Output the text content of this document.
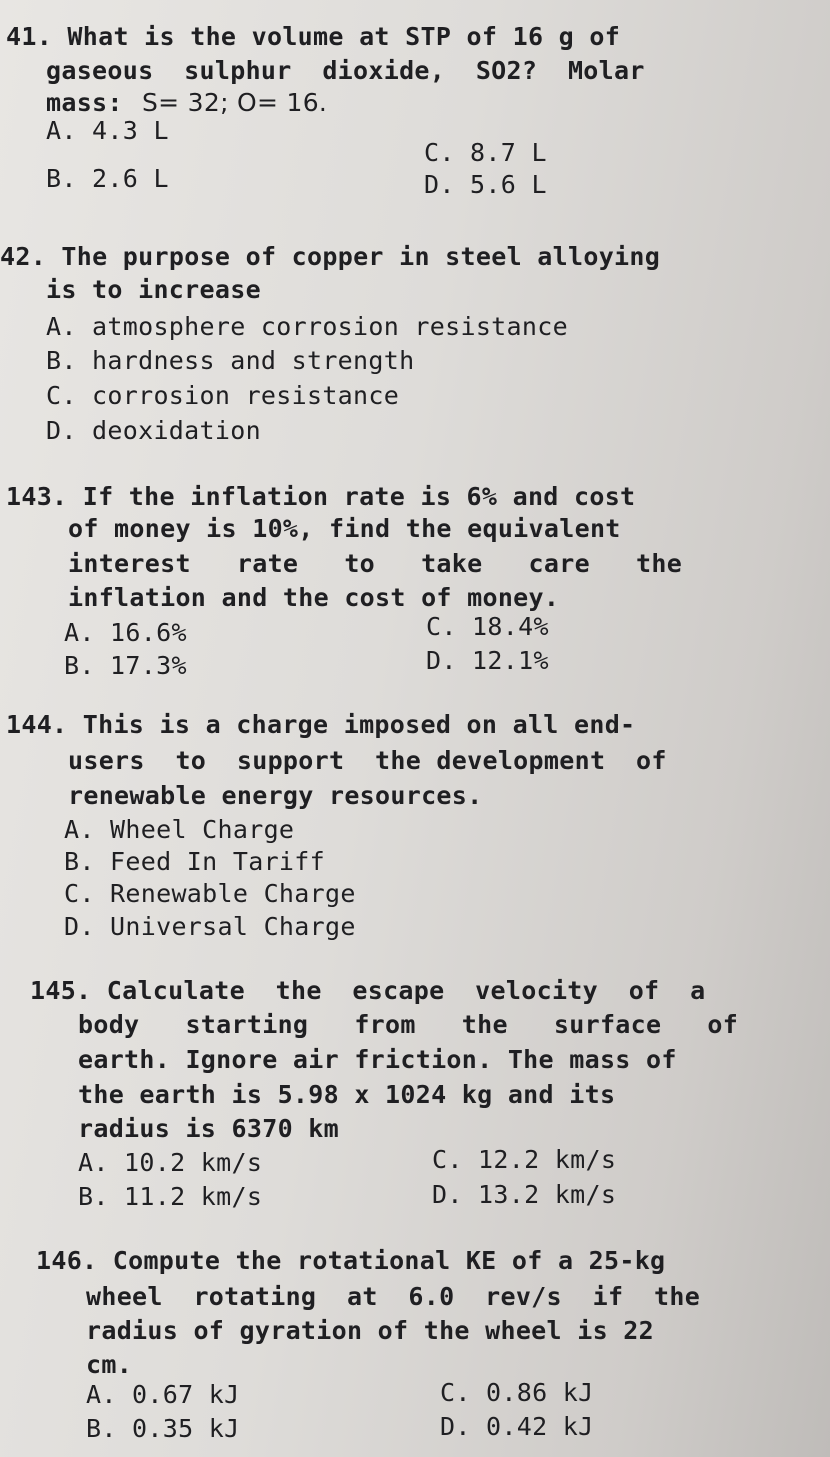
41. What is the volume at STP of 16 g of
gaseous  sulphur  dioxide,  SO2?  Molar
mass: S= 32; O= 16.
A. 4.3 L
B. 2.6 L
C. 8.7 L
D. 5.6 L
42. The purpose of copper in steel alloying
is to increase
A. atmosphere corrosion resistance
B. hardness and strength
C. corrosion resistance
D. deoxidation
143. If the inflation rate is 6% and cost
of money is 10%, find the equivalent
interest   rate   to   take   care   the
inflation and the cost of money.
A. 16.6%
B. 17.3%
C. 18.4%
D. 12.1%
144. This is a charge imposed on all end-
users  to  support  the development  of
renewable energy resources.
A. Wheel Charge
B. Feed In Tariff
C. Renewable Charge
D. Universal Charge
145. Calculate  the  escape  velocity  of  a
body   starting   from   the   surface   of
earth. Ignore air friction. The mass of
the earth is 5.98 x 1024 kg and its
radius is 6370 km
A. 10.2 km/s
B. 11.2 km/s
C. 12.2 km/s
D. 13.2 km/s
146. Compute the rotational KE of a 25-kg
wheel  rotating  at  6.0  rev/s  if  the
radius of gyration of the wheel is 22
cm.
A. 0.67 kJ
B. 0.35 kJ
C. 0.86 kJ
D. 0.42 kJ
